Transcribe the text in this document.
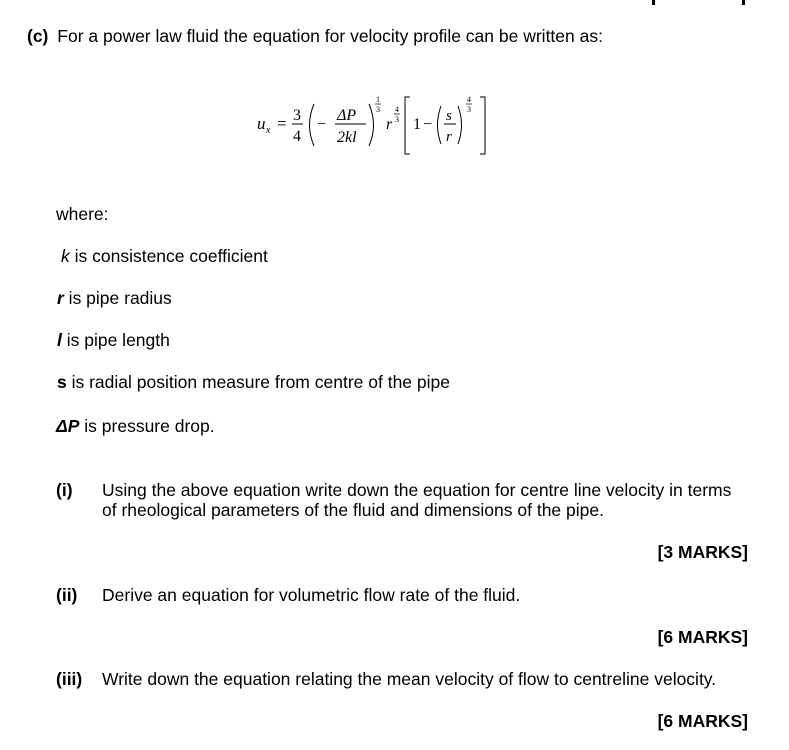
(c) For a power law fluid the equation for velocity profile can be written as:
u x = 3
4
−
ΔP
2kl
1
3
r
4
3 1 − s
r
4
3
where:
k is consistence coefficient
r is pipe radius
l is pipe length
s is radial position measure from centre of the pipe
ΔP is pressure drop.
(i) Using the above equation write down the equation for centre line velocity in terms
of rheological parameters of the fluid and dimensions of the pipe.
[3 MARKS]
(ii) Derive an equation for volumetric flow rate of the fluid.
[6 MARKS]
(iii) Write down the equation relating the mean velocity of flow to centreline velocity.
[6 MARKS]
